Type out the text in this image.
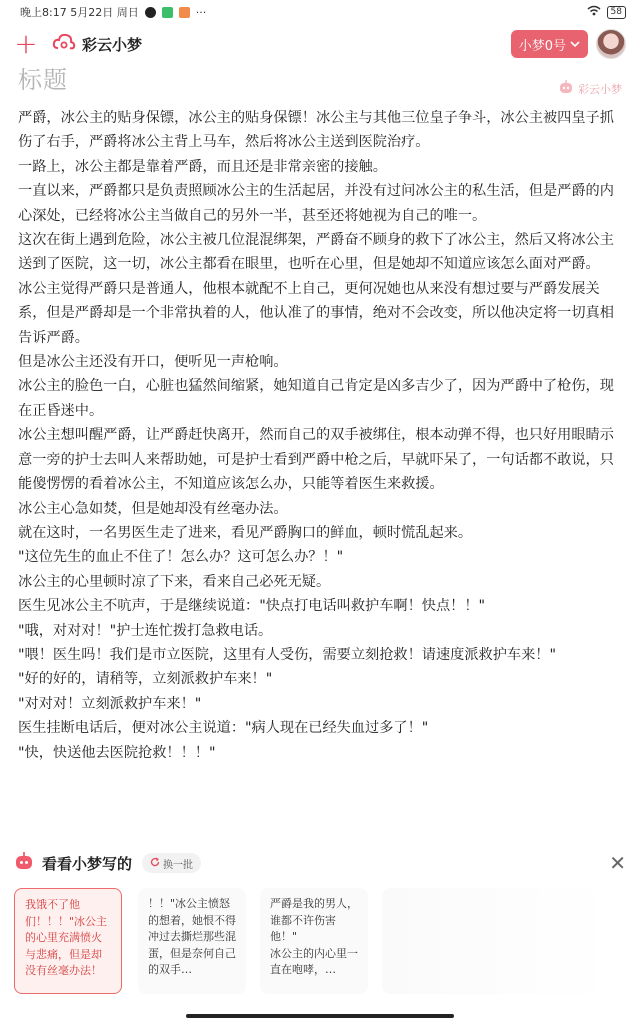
晚上8:17 5月22日 周日	···	58
+	彩云小梦	小梦0号
标题	彩云小梦

严爵，冰公主的贴身保镖，冰公主的贴身保镖！冰公主与其他三位皇子争斗，冰公主被四皇子抓伤了右手，严爵将冰公主背上马车，然后将冰公主送到医院治疗。

一路上，冰公主都是靠着严爵，而且还是非常亲密的接触。

一直以来，严爵都只是负责照顾冰公主的生活起居，并没有过问冰公主的私生活，但是严爵的内心深处，已经将冰公主当做自己的另外一半，甚至还将她视为自己的唯一。

这次在街上遇到危险，冰公主被几位混混绑架，严爵奋不顾身的救下了冰公主，然后又将冰公主送到了医院，这一切，冰公主都看在眼里，也听在心里，但是她却不知道应该怎么面对严爵。

冰公主觉得严爵只是普通人，他根本就配不上自己，更何况她也从来没有想过要与严爵发展关系，但是严爵却是一个非常执着的人，他认准了的事情，绝对不会改变，所以他决定将一切真相告诉严爵。

但是冰公主还没有开口，便听见一声枪响。

冰公主的脸色一白，心脏也猛然间缩紧，她知道自己肯定是凶多吉少了，因为严爵中了枪伤，现在正昏迷中。

冰公主想叫醒严爵，让严爵赶快离开，然而自己的双手被绑住，根本动弹不得，也只好用眼睛示意一旁的护士去叫人来帮助她，可是护士看到严爵中枪之后，早就吓呆了，一句话都不敢说，只能傻愣愣的看着冰公主，不知道应该怎么办，只能等着医生来救援。

冰公主心急如焚，但是她却没有丝毫办法。

就在这时，一名男医生走了进来，看见严爵胸口的鲜血，顿时慌乱起来。

"这位先生的血止不住了！怎么办？这可怎么办？！"

冰公主的心里顿时凉了下来，看来自己必死无疑。

医生见冰公主不吭声，于是继续说道："快点打电话叫救护车啊！快点！！"

"哦，对对对！"护士连忙拨打急救电话。

"喂！医生吗！我们是市立医院，这里有人受伤，需要立刻抢救！请速度派救护车来！"

"好的好的，请稍等，立刻派救护车来！"

"对对对！立刻派救护车来！"

医生挂断电话后，便对冰公主说道："病人现在已经失血过多了！"

"快，快送他去医院抢救！！！"

看看小梦写的	换一批	✕
我饿不了他们！！！"冰公主的心里充满愤火与悲痛，但是却没有丝毫办法！
！！"冰公主愤怒的想着，她恨不得冲过去撕烂那些混蛋，但是奈何自己的双手…
严爵是我的男人，谁都不许伤害他！"
冰公主的内心里一直在咆哮，…
